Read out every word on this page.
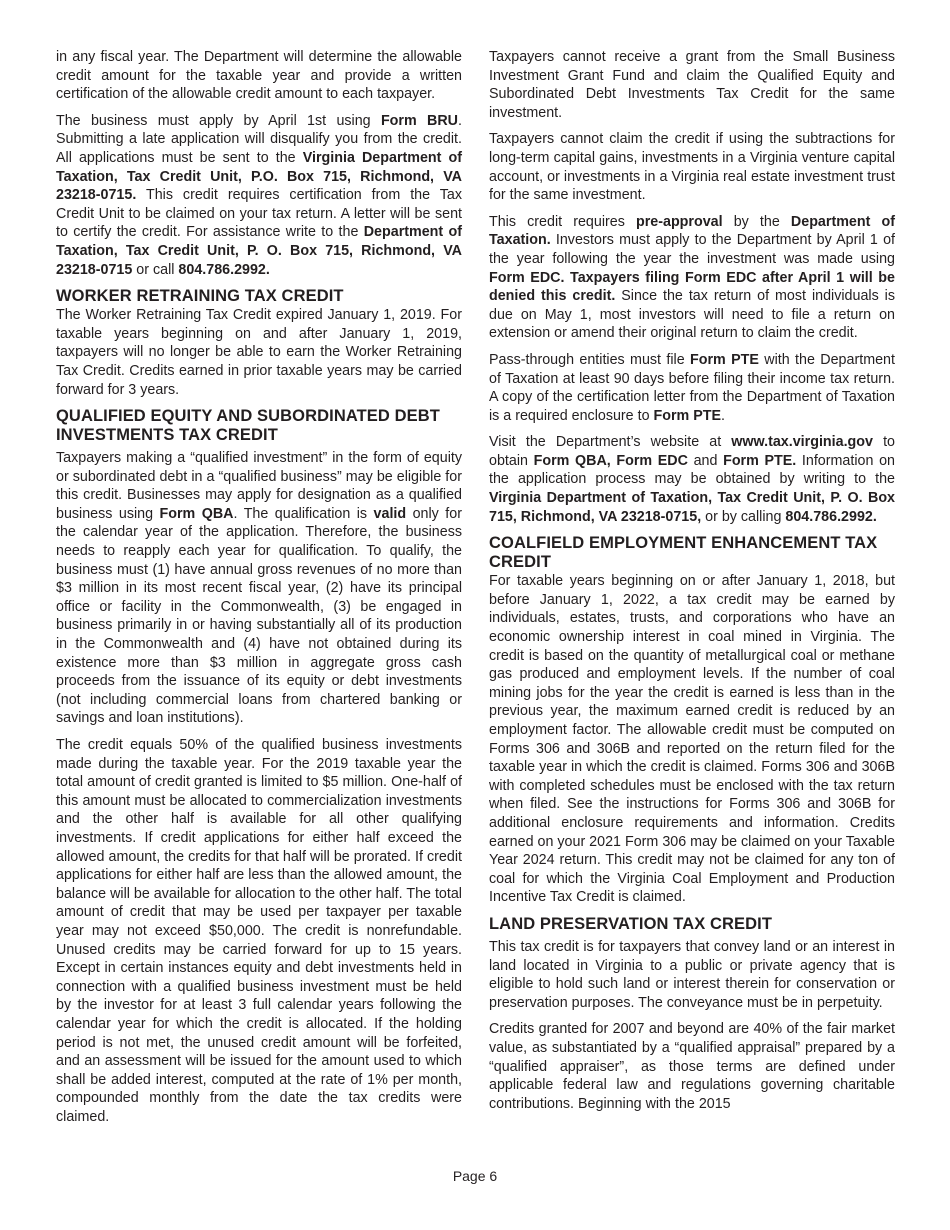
in any fiscal year. The Department will determine the allowable credit amount for the taxable year and provide a written certification of the allowable credit amount to each taxpayer.

The business must apply by April 1st using Form BRU. Submitting a late application will disqualify you from the credit. All applications must be sent to the Virginia Department of Taxation, Tax Credit Unit, P.O. Box 715, Richmond, VA 23218-0715. This credit requires certification from the Tax Credit Unit to be claimed on your tax return. A letter will be sent to certify the credit. For assistance write to the Department of Taxation, Tax Credit Unit, P. O. Box 715, Richmond, VA 23218-0715 or call 804.786.2992.

WORKER RETRAINING TAX CREDIT

The Worker Retraining Tax Credit expired January 1, 2019. For taxable years beginning on and after January 1, 2019, taxpayers will no longer be able to earn the Worker Retraining Tax Credit. Credits earned in prior taxable years may be carried forward for 3 years.

QUALIFIED EQUITY AND SUBORDINATED DEBT INVESTMENTS TAX CREDIT

Taxpayers making a “qualified investment” in the form of equity or subordinated debt in a “qualified business” may be eligible for this credit. Businesses may apply for designation as a qualified business using Form QBA. The qualification is valid only for the calendar year of the application. Therefore, the business needs to reapply each year for qualification. To qualify, the business must (1) have annual gross revenues of no more than $3 million in its most recent fiscal year, (2) have its principal office or facility in the Commonwealth, (3) be engaged in business primarily in or having substantially all of its production in the Commonwealth and (4) have not obtained during its existence more than $3 million in aggregate gross cash proceeds from the issuance of its equity or debt investments (not including commercial loans from chartered banking or savings and loan institutions).

The credit equals 50% of the qualified business investments made during the taxable year. For the 2019 taxable year the total amount of credit granted is limited to $5 million. One-half of this amount must be allocated to commercialization investments and the other half is available for all other qualifying investments. If credit applications for either half exceed the allowed amount, the credits for that half will be prorated. If credit applications for either half are less than the allowed amount, the balance will be available for allocation to the other half. The total amount of credit that may be used per taxpayer per taxable year may not exceed $50,000. The credit is nonrefundable. Unused credits may be carried forward for up to 15 years. Except in certain instances equity and debt investments held in connection with a qualified business investment must be held by the investor for at least 3 full calendar years following the calendar year for which the credit is allocated. If the holding period is not met, the unused credit amount will be forfeited, and an assessment will be issued for the amount used to which shall be added interest, computed at the rate of 1% per month, compounded monthly from the date the tax credits were claimed.

Taxpayers cannot receive a grant from the Small Business Investment Grant Fund and claim the Qualified Equity and Subordinated Debt Investments Tax Credit for the same investment.

Taxpayers cannot claim the credit if using the subtractions for long-term capital gains, investments in a Virginia venture capital account, or investments in a Virginia real estate investment trust for the same investment.

This credit requires pre-approval by the Department of Taxation. Investors must apply to the Department by April 1 of the year following the year the investment was made using Form EDC. Taxpayers filing Form EDC after April 1 will be denied this credit. Since the tax return of most individuals is due on May 1, most investors will need to file a return on extension or amend their original return to claim the credit.

Pass-through entities must file Form PTE with the Department of Taxation at least 90 days before filing their income tax return. A copy of the certification letter from the Department of Taxation is a required enclosure to Form PTE.

Visit the Department’s website at www.tax.virginia.gov to obtain Form QBA, Form EDC and Form PTE. Information on the application process may be obtained by writing to the Virginia Department of Taxation, Tax Credit Unit, P. O. Box 715, Richmond, VA 23218-0715, or by calling 804.786.2992.

COALFIELD EMPLOYMENT ENHANCEMENT TAX CREDIT

For taxable years beginning on or after January 1, 2018, but before January 1, 2022, a tax credit may be earned by individuals, estates, trusts, and corporations who have an economic ownership interest in coal mined in Virginia. The credit is based on the quantity of metallurgical coal or methane gas produced and employment levels. If the number of coal mining jobs for the year the credit is earned is less than in the previous year, the maximum earned credit is reduced by an employment factor. The allowable credit must be computed on Forms 306 and 306B and reported on the return filed for the taxable year in which the credit is claimed. Forms 306 and 306B with completed schedules must be enclosed with the tax return when filed. See the instructions for Forms 306 and 306B for additional enclosure requirements and information. Credits earned on your 2021 Form 306 may be claimed on your Taxable Year 2024 return. This credit may not be claimed for any ton of coal for which the Virginia Coal Employment and Production Incentive Tax Credit is claimed.

LAND PRESERVATION TAX CREDIT

This tax credit is for taxpayers that convey land or an interest in land located in Virginia to a public or private agency that is eligible to hold such land or interest therein for conservation or preservation purposes. The conveyance must be in perpetuity.

Credits granted for 2007 and beyond are 40% of the fair market value, as substantiated by a “qualified appraisal” prepared by a “qualified appraiser”, as those terms are defined under applicable federal law and regulations governing charitable contributions. Beginning with the 2015

Page 6
